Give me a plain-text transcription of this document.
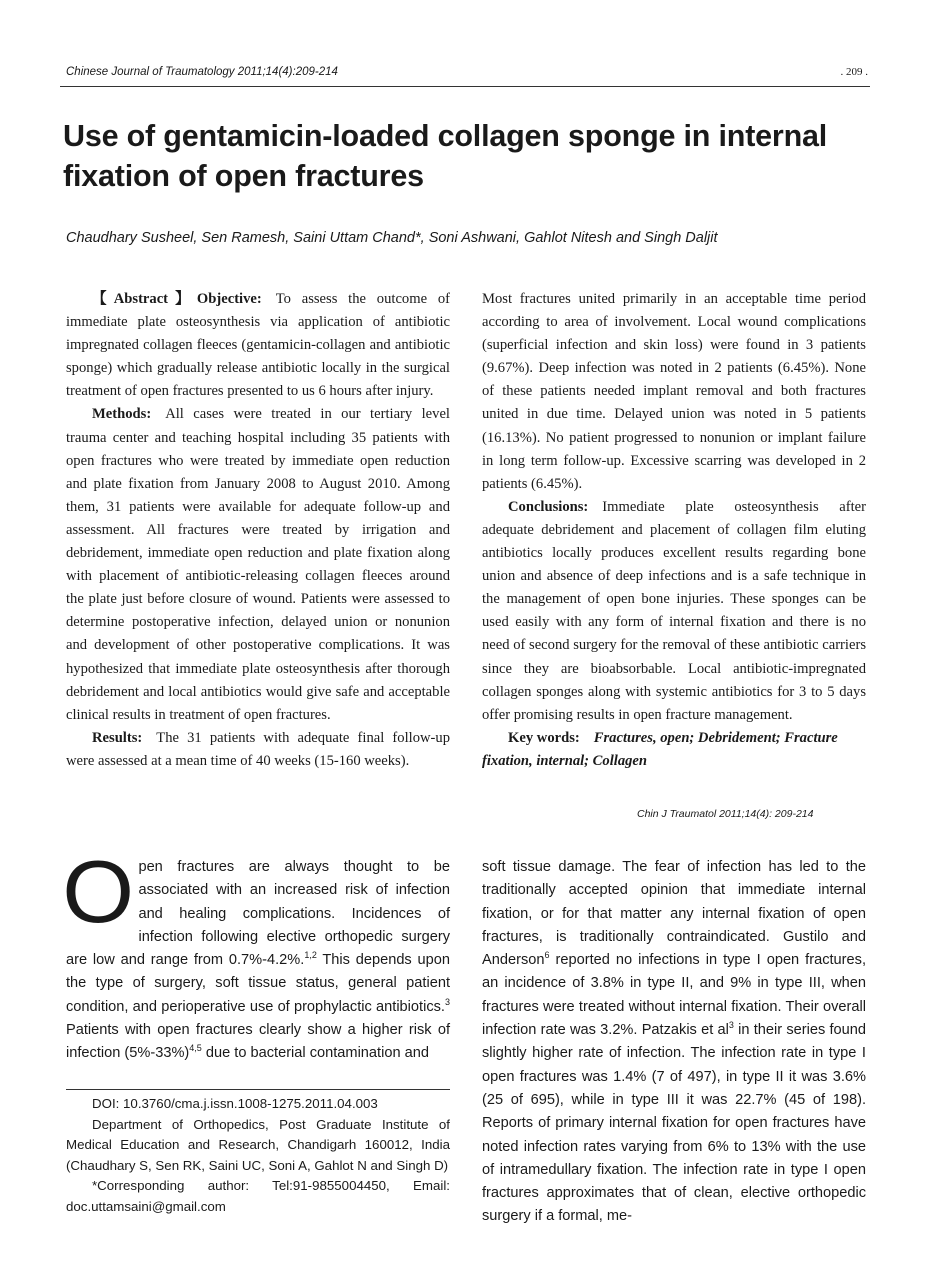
Chinese Journal of Traumatology 2011;14(4):209-214	. 209 .
Use of gentamicin-loaded collagen sponge in internal fixation of open fractures
Chaudhary Susheel, Sen Ramesh, Saini Uttam Chand*, Soni Ashwani, Gahlot Nitesh and Singh Daljit

【Abstract】Objective: To assess the outcome of immediate plate osteosynthesis via application of antibiotic impregnated collagen fleeces (gentamicin-collagen and antibiotic sponge) which gradually release antibiotic locally in the surgical treatment of open fractures presented to us 6 hours after injury.

Methods: All cases were treated in our tertiary level trauma center and teaching hospital including 35 patients with open fractures who were treated by immediate open reduction and plate fixation from January 2008 to August 2010. Among them, 31 patients were available for adequate follow-up and assessment. All fractures were treated by irrigation and debridement, immediate open reduction and plate fixation along with placement of antibiotic-releasing collagen fleeces around the plate just before closure of wound. Patients were assessed to determine postoperative infection, delayed union or nonunion and development of other postoperative complications. It was hypothesized that immediate plate osteosynthesis after thorough debridement and local antibiotics would give safe and acceptable clinical results in treatment of open fractures.

Results: The 31 patients with adequate final follow-up were assessed at a mean time of 40 weeks (15-160 weeks).

Most fractures united primarily in an acceptable time period according to area of involvement. Local wound complications (superficial infection and skin loss) were found in 3 patients (9.67%). Deep infection was noted in 2 patients (6.45%). None of these patients needed implant removal and both fractures united in due time. Delayed union was noted in 5 patients (16.13%). No patient progressed to nonunion or implant failure in long term follow-up. Excessive scarring was developed in 2 patients (6.45%).

Conclusions: Immediate plate osteosynthesis after adequate debridement and placement of collagen film eluting antibiotics locally produces excellent results regarding bone union and absence of deep infections and is a safe technique in the management of open bone injuries. These sponges can be used easily with any form of internal fixation and there is no need of second surgery for the removal of these antibiotic carriers since they are bioabsorbable. Local antibiotic-impregnated collagen sponges along with systemic antibiotics for 3 to 5 days offer promising results in open fracture management.

Key words: Fractures, open; Debridement; Fracture fixation, internal; Collagen

Chin J Traumatol 2011;14(4): 209-214

Open fractures are always thought to be associated with an increased risk of infection and healing complications. Incidences of infection following elective orthopedic surgery are low and range from 0.7%-4.2%.$^{1,2}$ This depends upon the type of surgery, soft tissue status, general patient condition, and perioperative use of prophylactic antibiotics.$^3$ Patients with open fractures clearly show a higher risk of infection $(5\%-33\%)^{4,5}$ due to bacterial contamination and

soft tissue damage. The fear of infection has led to the traditionally accepted opinion that immediate internal fixation, or for that matter any internal fixation of open fractures, is traditionally contraindicated. Gustilo and Anderson$^6$ reported no infections in type I open fractures, an incidence of 3.8% in type II, and 9% in type III, when fractures were treated without internal fixation. Their overall infection rate was 3.2%. Patzakis et $al^3$ in their series found slightly higher rate of infection. The infection rate in type I open fractures was 1.4% (7 of 497), in type II it was 3.6% (25 of 695), while in type III it was 22.7% (45 of 198). Reports of primary internal fixation for open fractures have noted infection rates varying from 6% to 13% with the use of intramedullary fixation. The infection rate in type I open fractures approximates that of clean, elective orthopedic surgery if a formal, me-

DOI: 10.3760/cma.j.issn.1008-1275.2011.04.003

Department of Orthopedics, Post Graduate Institute of Medical Education and Research, Chandigarh 160012, India (Chaudhary S, Sen RK, Saini UC, Soni A, Gahlot N and Singh D)

*Corresponding author: Tel:91-9855004450, Email: doc.uttamsaini@gmail.com
